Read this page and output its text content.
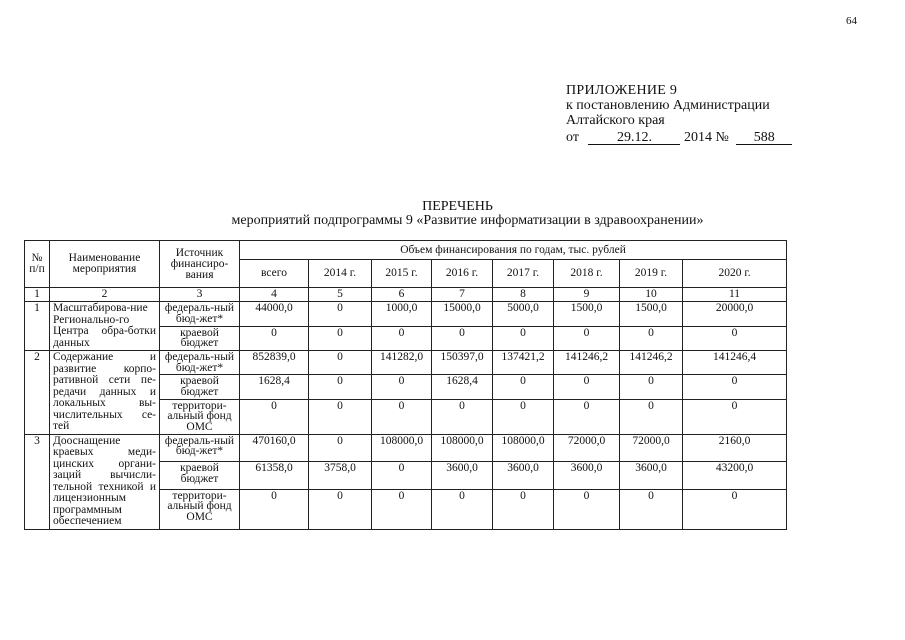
64
ПРИЛОЖЕНИЕ 9
к постановлению Администрации
Алтайского края
от	29.12. 2014 № 588
ПЕРЕЧЕНЬ
мероприятий подпрограммы 9 «Развитие информатизации в здравоохранении»
№ п/п	Наименование мероприятия	Источник финансиро-вания	Объем финансирования по годам, тыс. рублей							
			всего	2014 г.	2015 г.	2016 г.	2017 г.	2018 г.	2019 г.	2020 г.
1	2	3	4	5	6	7	8	9	10	11
1	Масштабирова-ние Регионально-го Центра обра-ботки данных	федераль-ный бюд-жет*	44000,0	0	1000,0	15000,0	5000,0	1500,0	1500,0	20000,0
		краевой бюджет	0	0	0	0	0	0	0	0
2	Содержание и развитие корпо-ративной сети пе-редачи данных и локальных вы-числительных се-тей	федераль-ный бюд-жет*	852839,0	0	141282,0	150397,0	137421,2	141246,2	141246,2	141246,4
		краевой бюджет	1628,4	0	0	1628,4	0	0	0	0
		территори-альный фонд ОМС	0	0	0	0	0	0	0	0
3	Дооснащение краевых меди-цинских органи-заций вычисли-тельной техникой и лицензионным программным обеспечением	федераль-ный бюд-жет*	470160,0	0	108000,0	108000,0	108000,0	72000,0	72000,0	2160,0
		краевой бюджет	61358,0	3758,0	0	3600,0	3600,0	3600,0	3600,0	43200,0
		территори-альный фонд ОМС	0	0	0	0	0	0	0	0
